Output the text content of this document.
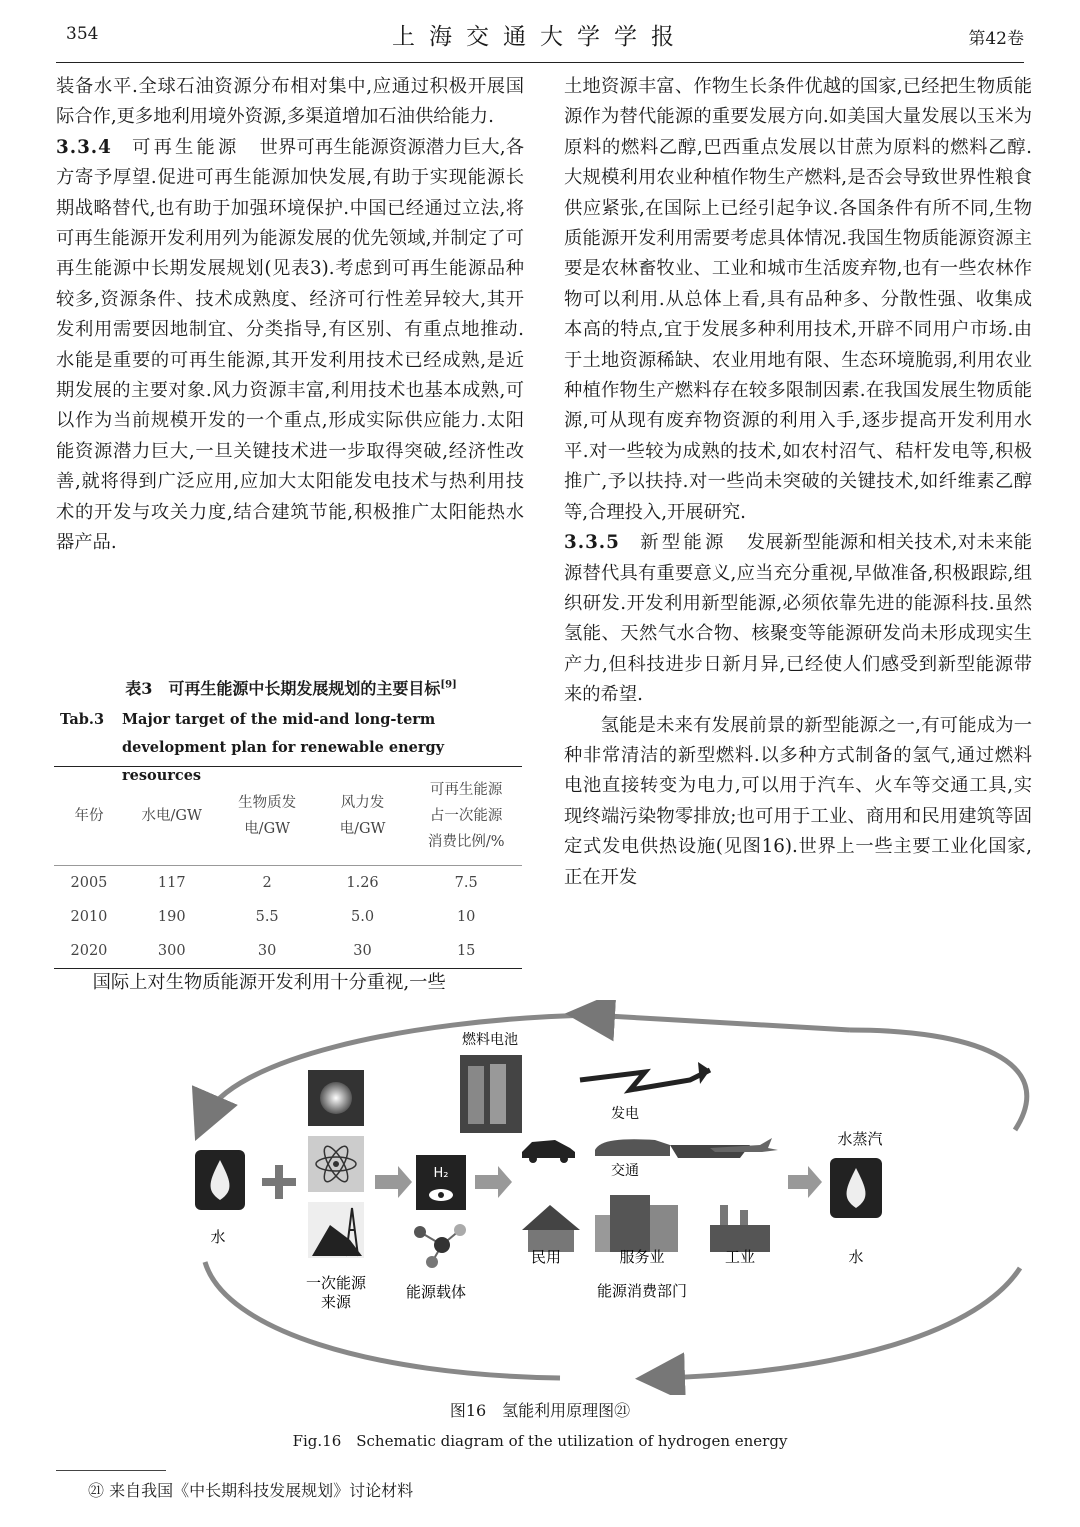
354	上海交通大学学报	第42卷

装备水平.全球石油资源分布相对集中,应通过积极开展国际合作,更多地利用境外资源,多渠道增加石油供给能力.

3.3.4 可再生能源 世界可再生能源资源潜力巨大,各方寄予厚望.促进可再生能源加快发展,有助于实现能源长期战略替代,也有助于加强环境保护.中国已经通过立法,将可再生能源开发利用列为能源发展的优先领域,并制定了可再生能源中长期发展规划(见表3).考虑到可再生能源品种较多,资源条件、技术成熟度、经济可行性差异较大,其开发利用需要因地制宜、分类指导,有区别、有重点地推动.水能是重要的可再生能源,其开发利用技术已经成熟,是近期发展的主要对象.风力资源丰富,利用技术也基本成熟,可以作为当前规模开发的一个重点,形成实际供应能力.太阳能资源潜力巨大,一旦关键技术进一步取得突破,经济性改善,就将得到广泛应用,应加大太阳能发电技术与热利用技术的开发与攻关力度,结合建筑节能,积极推广太阳能热水器产品.

表3　可再生能源中长期发展规划的主要目标[9]
Tab.3 Major target of the mid-and long-term development plan for renewable energy resources
年份	水电/GW	生物质发电/GW	风力发电/GW	可再生能源占一次能源消费比例/%
2005	117	2	1.26	7.5
2010	190	5.5	5.0	10
2020	300	30	30	15
国际上对生物质能源开发利用十分重视,一些

土地资源丰富、作物生长条件优越的国家,已经把生物质能源作为替代能源的重要发展方向.如美国大量发展以玉米为原料的燃料乙醇,巴西重点发展以甘蔗为原料的燃料乙醇.大规模利用农业种植作物生产燃料,是否会导致世界性粮食供应紧张,在国际上已经引起争议.各国条件有所不同,生物质能源开发利用需要考虑具体情况.我国生物质能源资源主要是农林畜牧业、工业和城市生活废弃物,也有一些农林作物可以利用.从总体上看,具有品种多、分散性强、收集成本高的特点,宜于发展多种利用技术,开辟不同用户市场.由于土地资源稀缺、农业用地有限、生态环境脆弱,利用农业种植作物生产燃料存在较多限制因素.在我国发展生物质能源,可从现有废弃物资源的利用入手,逐步提高开发利用水平.对一些较为成熟的技术,如农村沼气、秸杆发电等,积极推广,予以扶持.对一些尚未突破的关键技术,如纤维素乙醇等,合理投入,开展研究.

3.3.5 新型能源 发展新型能源和相关技术,对未来能源替代具有重要意义,应当充分重视,早做准备,积极跟踪,组织研发.开发利用新型能源,必须依靠先进的能源科技.虽然氢能、天然气水合物、核聚变等能源研发尚未形成现实生产力,但科技进步日新月异,已经使人们感受到新型能源带来的希望.

氢能是未来有发展前景的新型能源之一,有可能成为一种非常清洁的新型燃料.以多种方式制备的氢气,通过燃料电池直接转变为电力,可以用于汽车、火车等交通工具,实现终端污染物零排放;也可用于工业、商用和民用建筑等固定式发电供热设施(见图16).世界上一些主要工业化国家,正在开发

水
一次能源来源
H₂
能源载体
燃料电池
发电
交通
民用	服务业	工业
能源消费部门
水蒸汽
水
图16　氢能利用原理图㉑
Fig.16　Schematic diagram of the utilization of hydrogen energy
㉑ 来自我国《中长期科技发展规划》讨论材料
